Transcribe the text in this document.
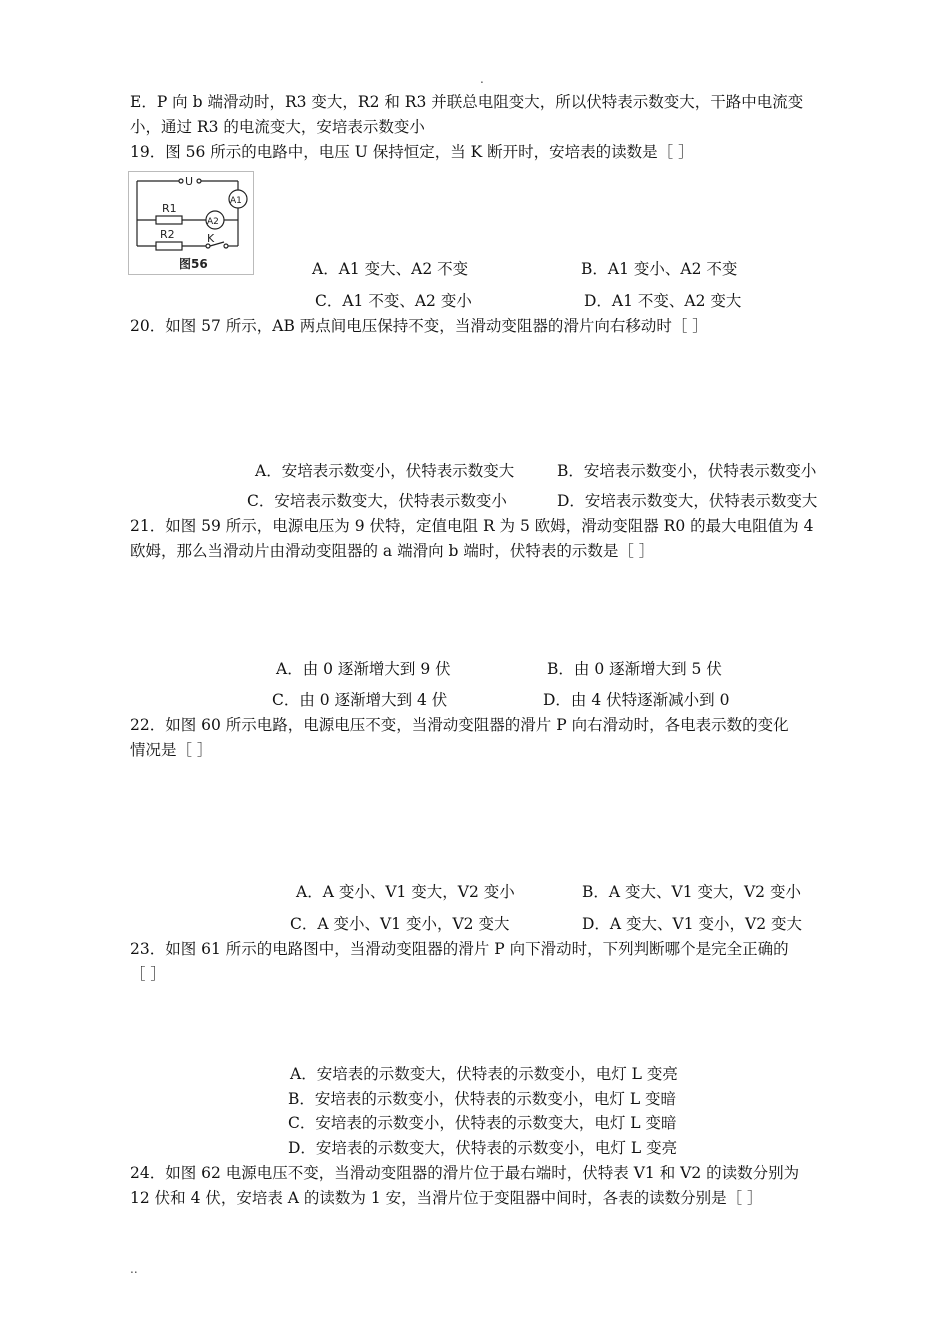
.
E．P 向 b 端滑动时，R3 变大，R2 和 R3 并联总电阻变大，所以伏特表示数变大，干路中电流变
小，通过 R3 的电流变大，安培表示数变小
19．图 56 所示的电路中，电压 U 保持恒定，当 K 断开时，安培表的读数是［ ］
U
A1
A2
R1
R2	K
图56	A．A1 变大、A2 不变	B．A1 变小、A2 不变
C．A1 不变、A2 变小	D．A1 不变、A2 变大
20．如图 57 所示，AB 两点间电压保持不变，当滑动变阻器的滑片向右移动时［ ］
A．安培表示数变小，伏特表示数变大	B．安培表示数变小，伏特表示数变小
C．安培表示数变大，伏特表示数变小	D．安培表示数变大，伏特表示数变大
21．如图 59 所示，电源电压为 9 伏特，定值电阻 R 为 5 欧姆，滑动变阻器 R0 的最大电阻值为 4
欧姆，那么当滑动片由滑动变阻器的 a 端滑向 b 端时，伏特表的示数是［ ］
A．由 0 逐渐增大到 9 伏	B．由 0 逐渐增大到 5 伏
C．由 0 逐渐增大到 4 伏	D．由 4 伏特逐渐减小到 0
22．如图 60 所示电路，电源电压不变，当滑动变阻器的滑片 P 向右滑动时，各电表示数的变化
情况是［ ］
A．A 变小、V1 变大，V2 变小	B．A 变大、V1 变大，V2 变小
C．A 变小、V1 变小，V2 变大	D．A 变大、V1 变小，V2 变大
23．如图 61 所示的电路图中，当滑动变阻器的滑片 P 向下滑动时，下列判断哪个是完全正确的
［ ］
A．安培表的示数变大，伏特表的示数变小，电灯 L 变亮
B．安培表的示数变小，伏特表的示数变小，电灯 L 变暗
C．安培表的示数变小，伏特表的示数变大，电灯 L 变暗
D．安培表的示数变大，伏特表的示数变小，电灯 L 变亮
24．如图 62 电源电压不变，当滑动变阻器的滑片位于最右端时，伏特表 V1 和 V2 的读数分别为
12 伏和 4 伏，安培表 A 的读数为 1 安，当滑片位于变阻器中间时，各表的读数分别是［ ］
..
